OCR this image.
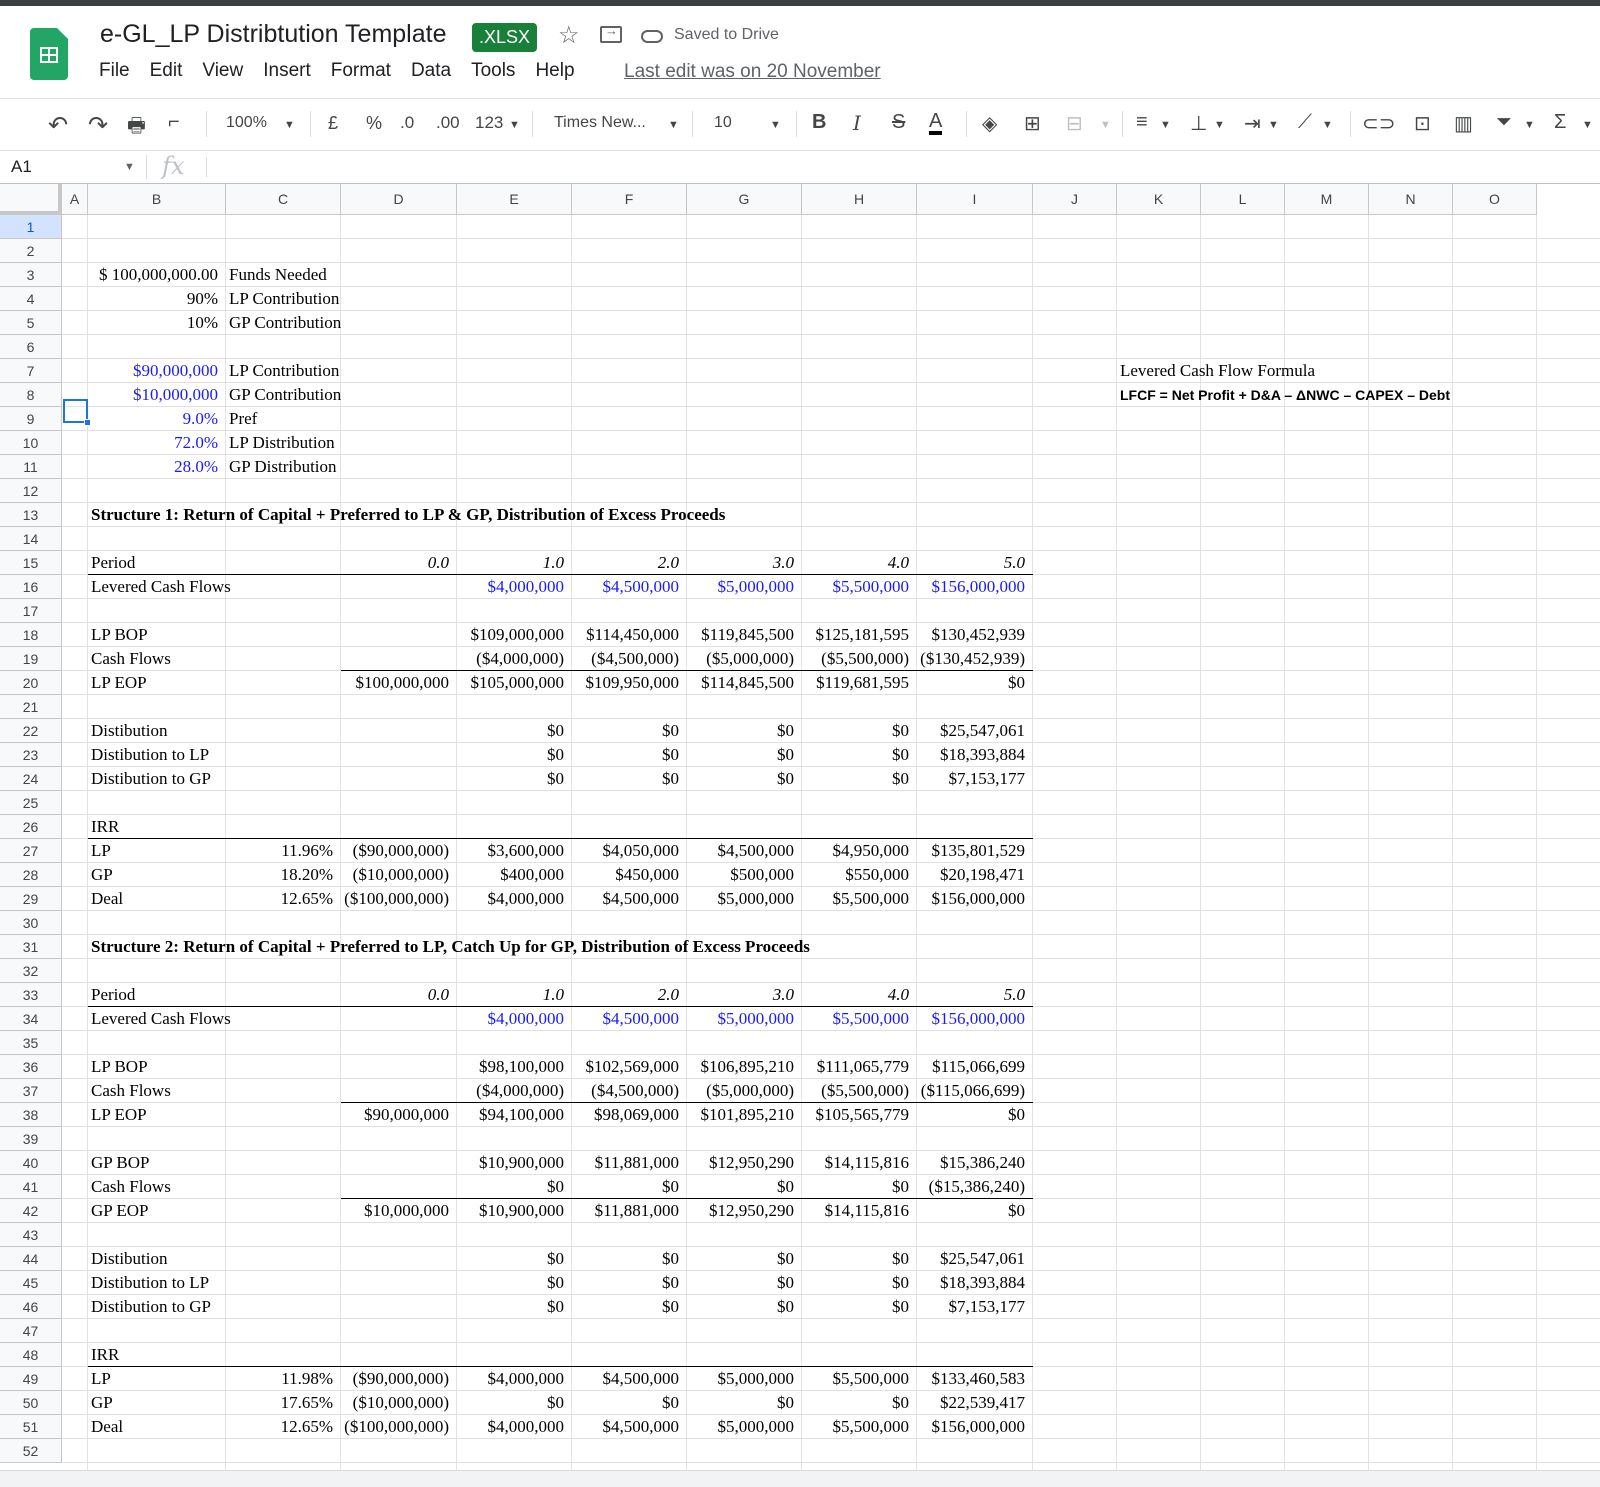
e-GL_LP Distribtution Template	.XLSX ☆
→	Saved to Drive
File Edit View Insert Format Data Tools Help	Last edit was on 20 November
↶ ↷ 🖶 ⌐	100% ▼ £ % .0 .00 123 ▼ Times New... ▼ 10	▼ B I S A ◈ ⊞ ⊟ ▼ ≡ ▼ ⊥ ▼ ⇥ ▼ ⟋ ▼ ⊂⊃ ⊡ ▥ ⏷ ▼ Σ ▼
A1	▼ fx
A	B	C	D	E	F	G	H	I	J	K	L	M	N	O
1
2
3
4
5
6
7
8
9
10
11
12
13
14
15
16
17
18
19
20
21
22
23
24
25
26
27
28
29
30
31
32
33
34
35
36
37
38
39
40
41
42
43
44
45
46
47
48
49
50
51
52
$ 100,000,000.00 Funds Needed
90% LP Contribution
10% GP Contribution
$90,000,000 LP Contribution
$10,000,000 GP Contribution
9.0% Pref
72.0% LP Distribution
28.0% GP Distribution
Levered Cash Flow Formula
LFCF = Net Profit + D&A – ΔNWC – CAPEX – Debt
Structure 1: Return of Capital + Preferred to LP & GP, Distribution of Excess Proceeds
Structure 2: Return of Capital + Preferred to LP, Catch Up for GP, Distribution of Excess Proceeds
Period	0.0	1.0	2.0	3.0	4.0	5.0
Levered Cash Flows	$4,000,000	$4,500,000	$5,000,000	$5,500,000	$156,000,000
LP BOP	$109,000,000	$114,450,000	$119,845,500	$125,181,595	$130,452,939
Cash Flows	($4,000,000)	($4,500,000)	($5,000,000)	($5,500,000) ($130,452,939)
LP EOP	$100,000,000	$105,000,000	$109,950,000	$114,845,500	$119,681,595	$0
Distibution	$0	$0	$0	$0	$25,547,061
Distibution to LP	$0	$0	$0	$0	$18,393,884
Distibution to GP	$0	$0	$0	$0	$7,153,177
IRR
LP	11.96%	($90,000,000)	$3,600,000	$4,050,000	$4,500,000	$4,950,000	$135,801,529
GP	18.20%	($10,000,000)	$400,000	$450,000	$500,000	$550,000	$20,198,471
Deal	12.65% ($100,000,000)	$4,000,000	$4,500,000	$5,000,000	$5,500,000	$156,000,000
Period	0.0	1.0	2.0	3.0	4.0	5.0
Levered Cash Flows	$4,000,000	$4,500,000	$5,000,000	$5,500,000	$156,000,000
LP BOP	$98,100,000	$102,569,000	$106,895,210	$111,065,779	$115,066,699
Cash Flows	($4,000,000)	($4,500,000)	($5,000,000)	($5,500,000) ($115,066,699)
LP EOP	$90,000,000	$94,100,000	$98,069,000	$101,895,210	$105,565,779	$0
GP BOP	$10,900,000	$11,881,000	$12,950,290	$14,115,816	$15,386,240
Cash Flows	$0	$0	$0	$0	($15,386,240)
GP EOP	$10,000,000	$10,900,000	$11,881,000	$12,950,290	$14,115,816	$0
Distibution	$0	$0	$0	$0	$25,547,061
Distibution to LP	$0	$0	$0	$0	$18,393,884
Distibution to GP	$0	$0	$0	$0	$7,153,177
IRR
LP	11.98%	($90,000,000)	$4,000,000	$4,500,000	$5,000,000	$5,500,000	$133,460,583
GP	17.65%	($10,000,000)	$0	$0	$0	$0	$22,539,417
Deal	12.65% ($100,000,000)	$4,000,000	$4,500,000	$5,000,000	$5,500,000	$156,000,000
